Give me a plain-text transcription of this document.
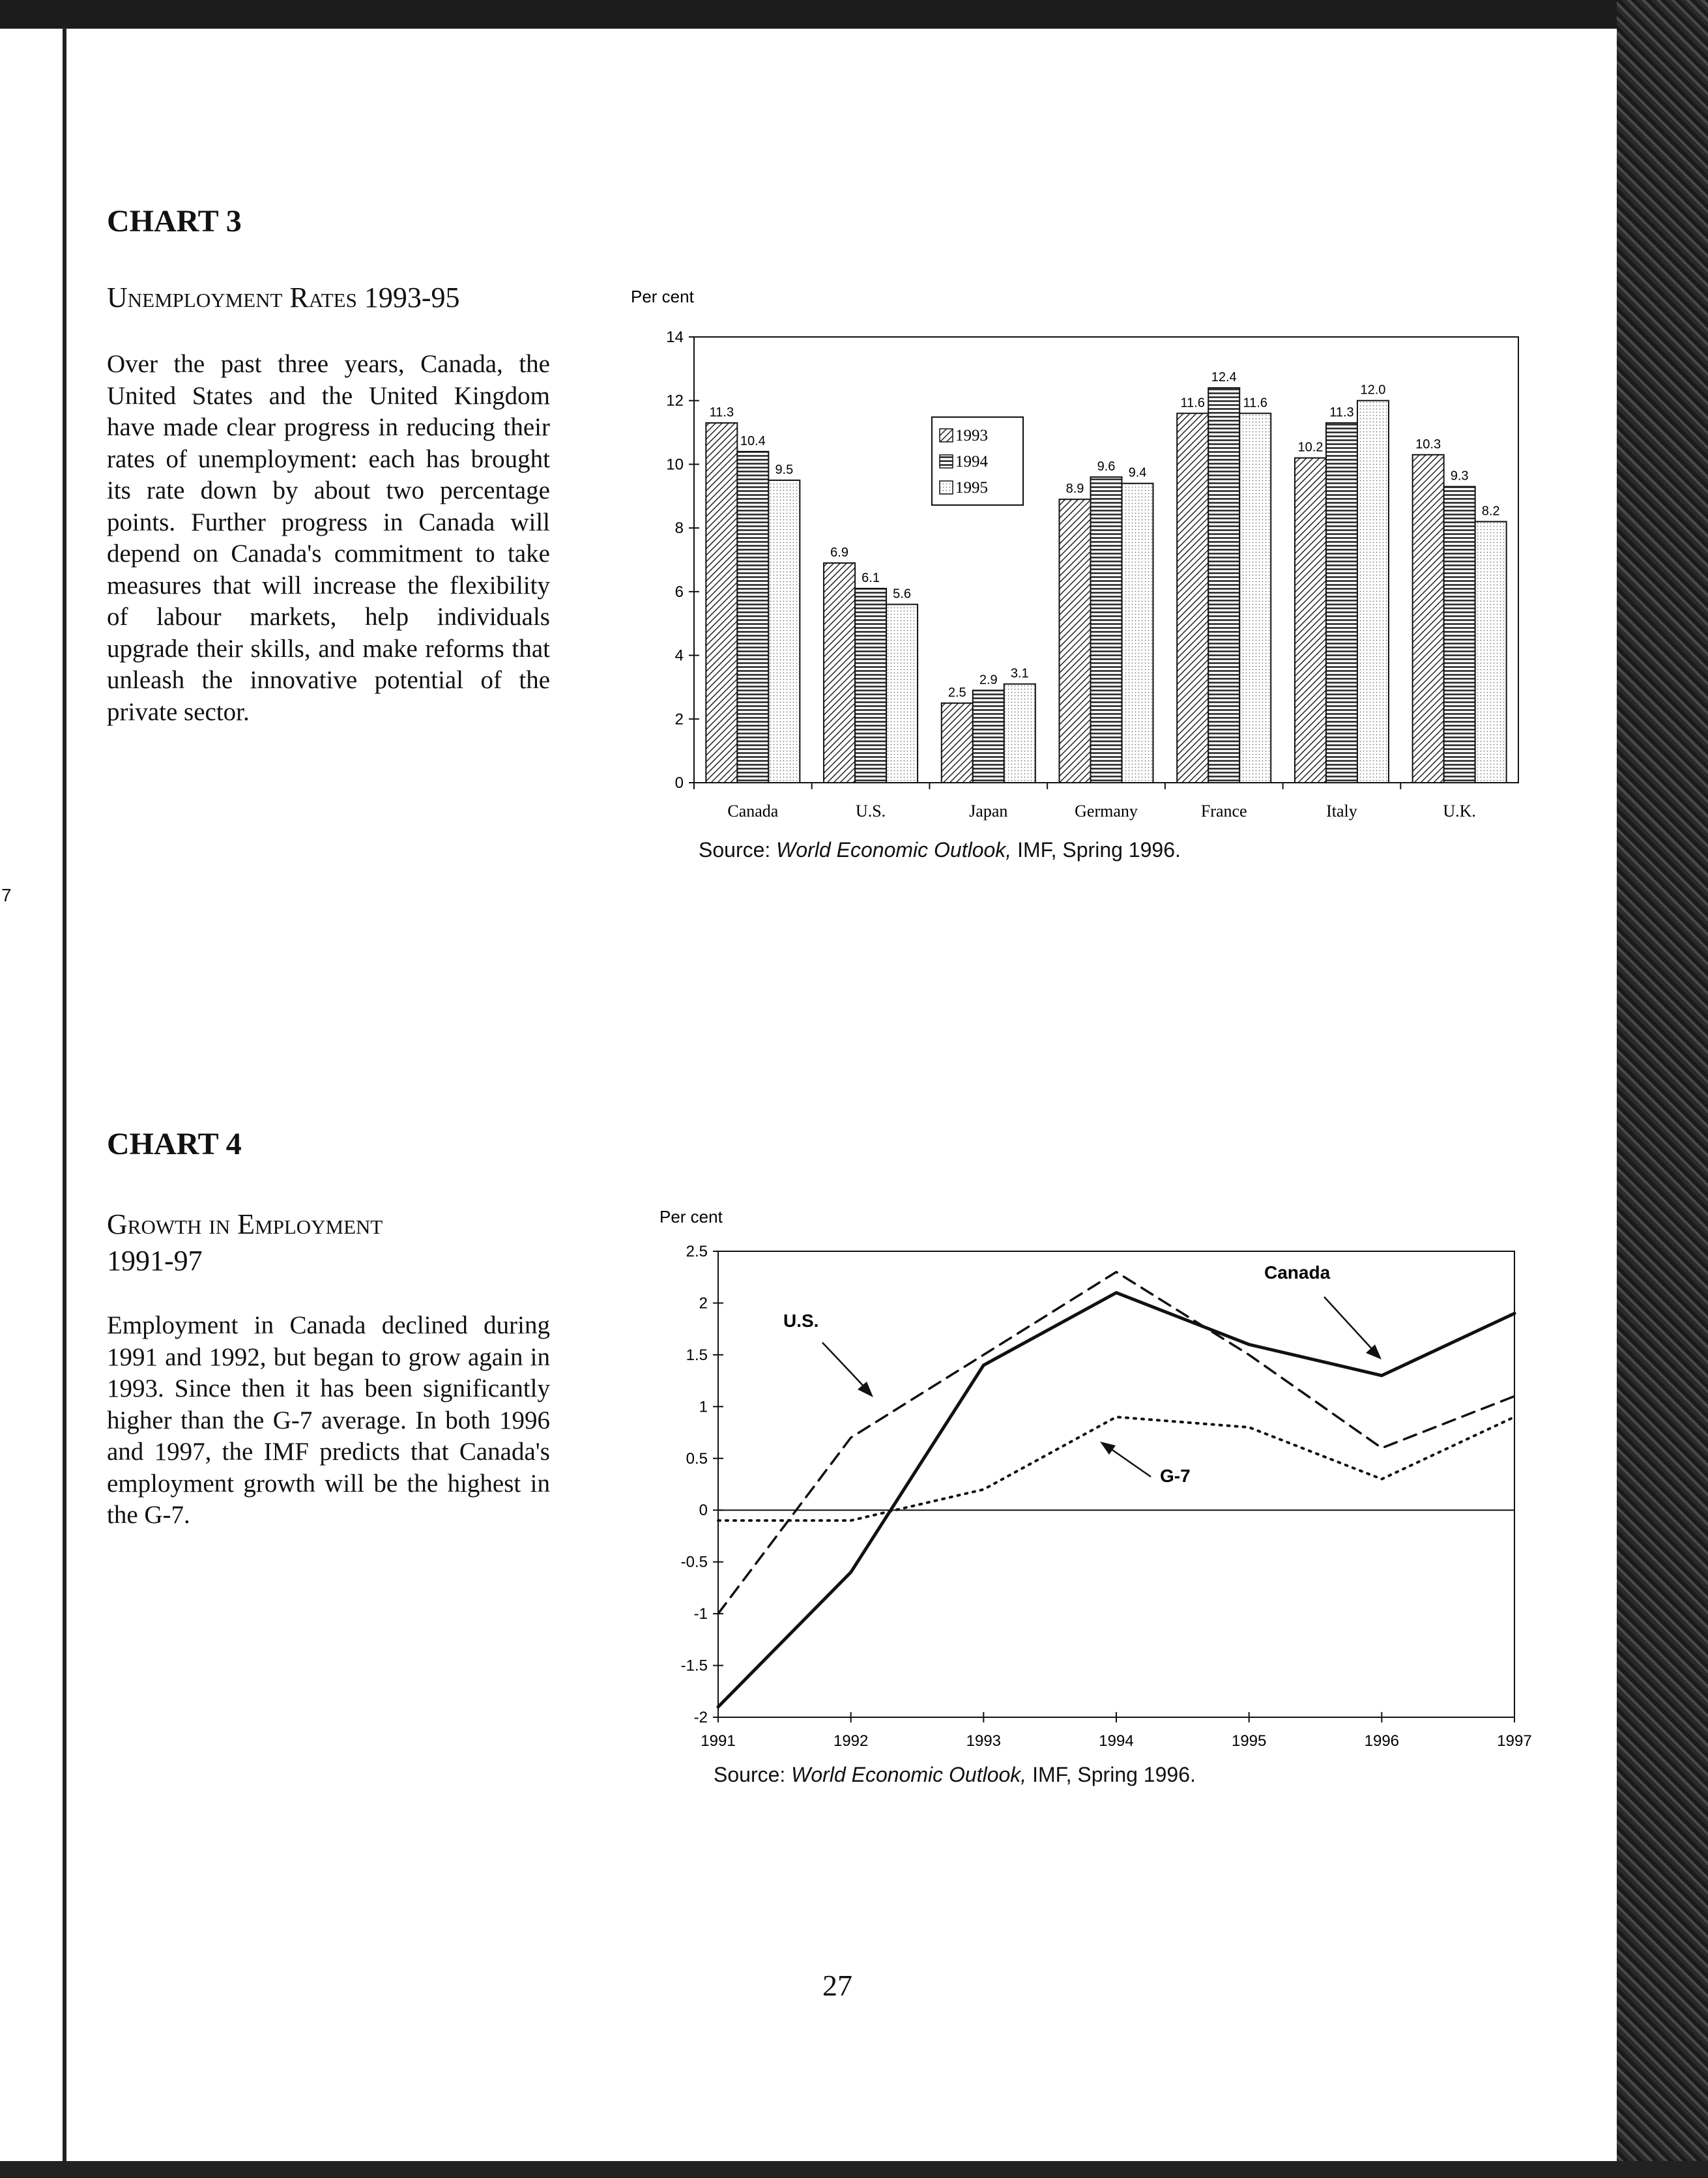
7
CHART 3
Unemployment Rates 1993-95
Over the past three years, Canada, the United States and the United Kingdom have made clear progress in reducing their rates of unemployment: each has brought its rate down by about two percentage points. Further progress in Canada will depend on Canada's commitment to take measures that will increase the flexibility of labour markets, help individuals upgrade their skills, and make reforms that unleash the innovative potential of the private sector.
Per cent
0
2
4
6
8
10
12
14
11.3
10.4
9.5
6.9
6.1
5.6
2.5
2.9 3.1
8.9
9.6 9.4
11.6
12.4
11.6
10.2
11.3
12.0
10.3
9.3
8.2
Canada	U.S.	Japan	Germany	France	Italy	U.K.
1993
1994
1995
Source: World Economic Outlook, IMF, Spring 1996.
CHART 4
Growth in Employment
1991-97
Employment in Canada declined during 1991 and 1992, but began to grow again in 1993. Since then it has been significantly higher than the G-7 average. In both 1996 and 1997, the IMF predicts that Canada's employment growth will be the highest in the G-7.
Per cent
-2
-1.5
-1
-0.5
0
0.5
1
1.5
2
2.5
1991	1992	1993	1994	1995	1996	1997
Canada
U.S.
G-7
Source: World Economic Outlook, IMF, Spring 1996.
27
